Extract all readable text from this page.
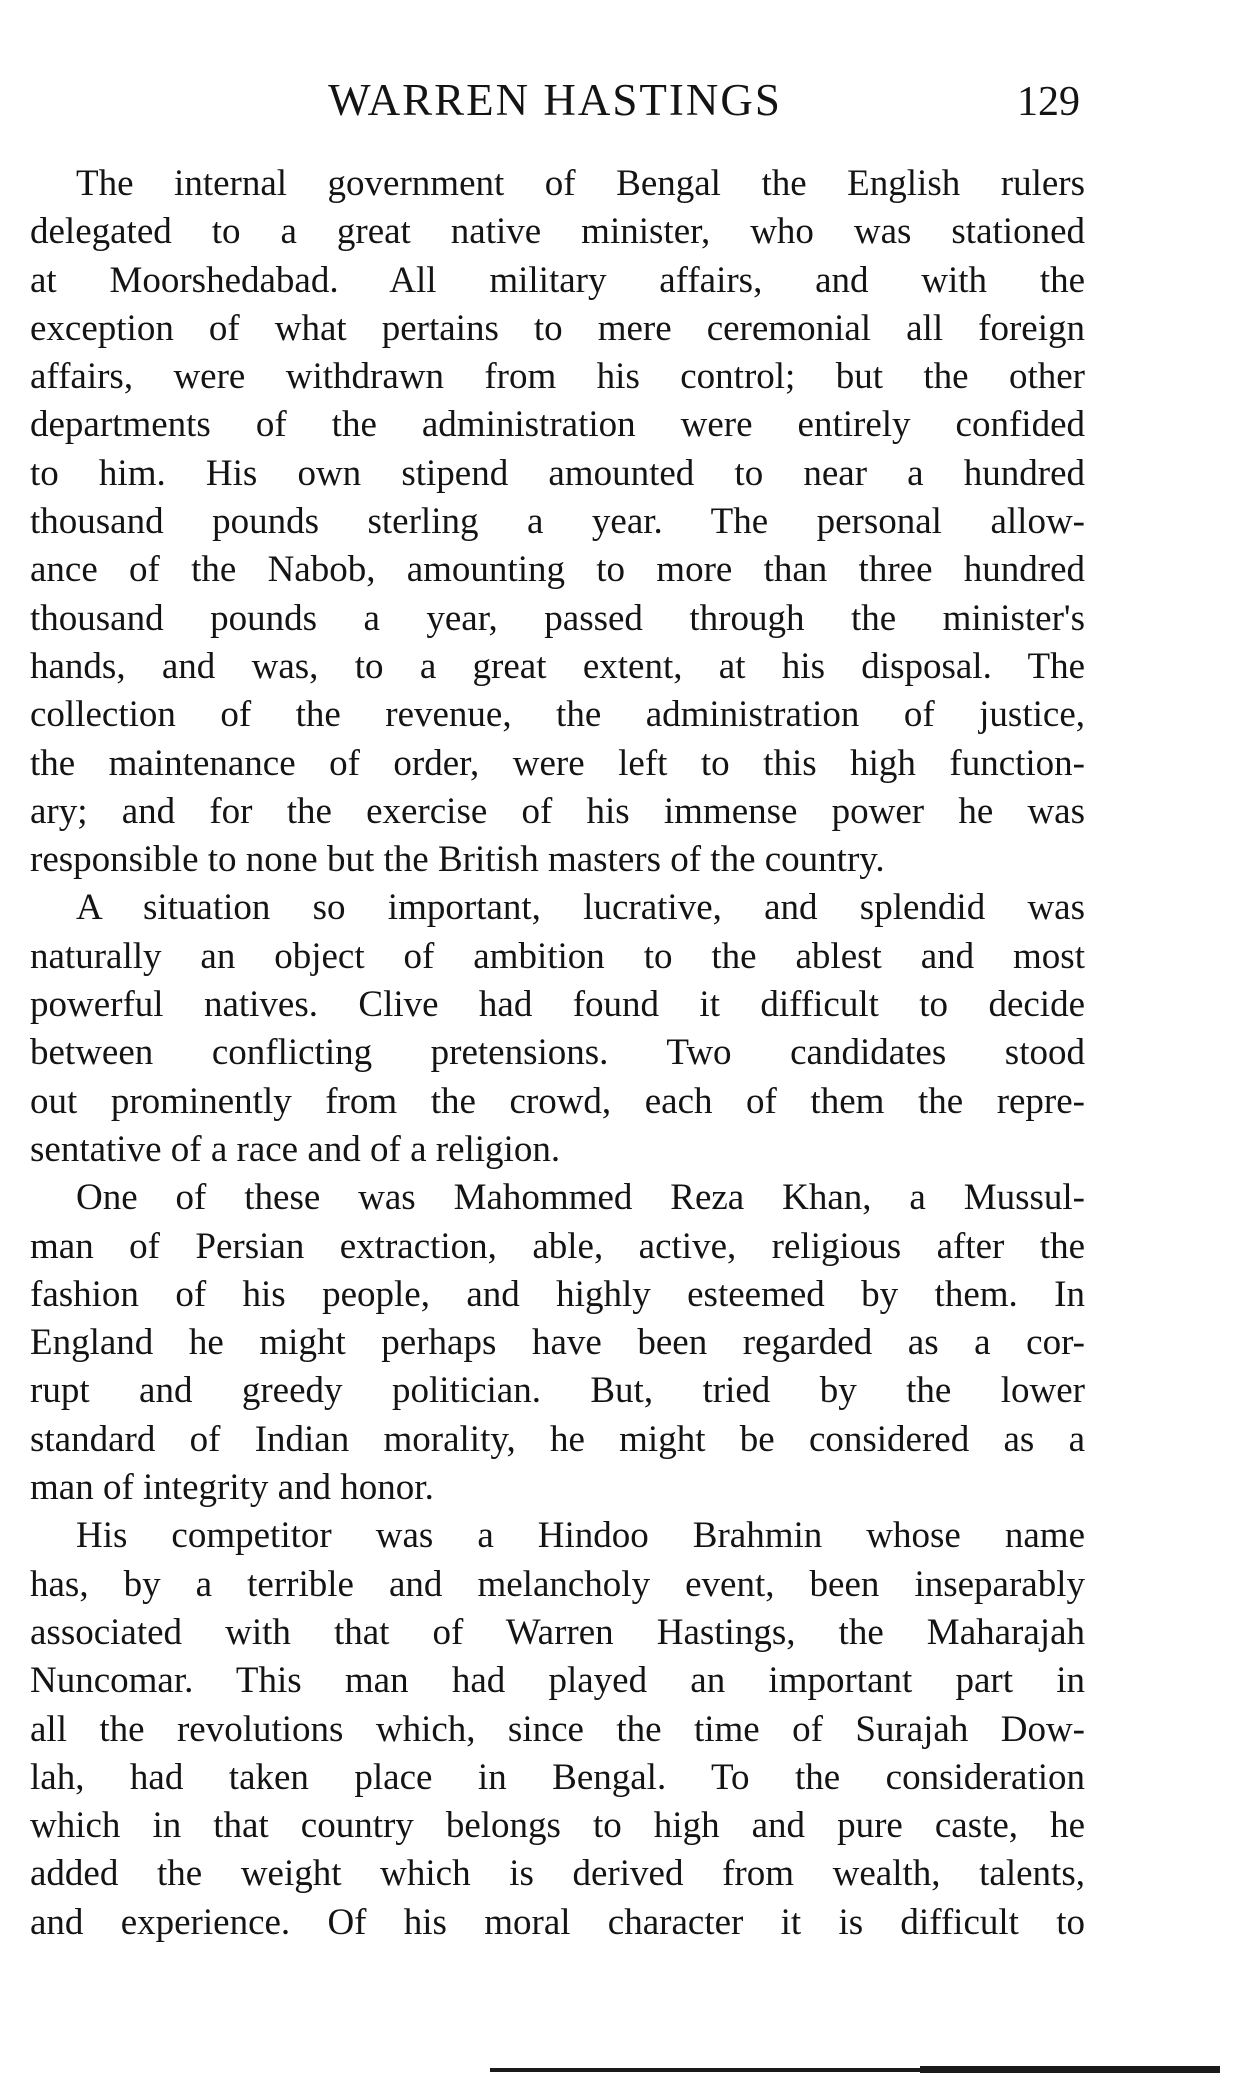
WARREN HASTINGS	129
The internal government of Bengal the English rulers
delegated to a great native minister, who was stationed
at Moorshedabad. All military affairs, and with the
exception of what pertains to mere ceremonial all foreign
affairs, were withdrawn from his control; but the other
departments of the administration were entirely confided
to him. His own stipend amounted to near a hundred
thousand pounds sterling a year. The personal allow-
ance of the Nabob, amounting to more than three hundred
thousand pounds a year, passed through the minister's
hands, and was, to a great extent, at his disposal. The
collection of the revenue, the administration of justice,
the maintenance of order, were left to this high function-
ary; and for the exercise of his immense power he was
responsible to none but the British masters of the country.
A situation so important, lucrative, and splendid was
naturally an object of ambition to the ablest and most
powerful natives. Clive had found it difficult to decide
between conflicting pretensions. Two candidates stood
out prominently from the crowd, each of them the repre-
sentative of a race and of a religion.
One of these was Mahommed Reza Khan, a Mussul-
man of Persian extraction, able, active, religious after the
fashion of his people, and highly esteemed by them. In
England he might perhaps have been regarded as a cor-
rupt and greedy politician. But, tried by the lower
standard of Indian morality, he might be considered as a
man of integrity and honor.
His competitor was a Hindoo Brahmin whose name
has, by a terrible and melancholy event, been inseparably
associated with that of Warren Hastings, the Maharajah
Nuncomar. This man had played an important part in
all the revolutions which, since the time of Surajah Dow-
lah, had taken place in Bengal. To the consideration
which in that country belongs to high and pure caste, he
added the weight which is derived from wealth, talents,
and experience. Of his moral character it is difficult to
